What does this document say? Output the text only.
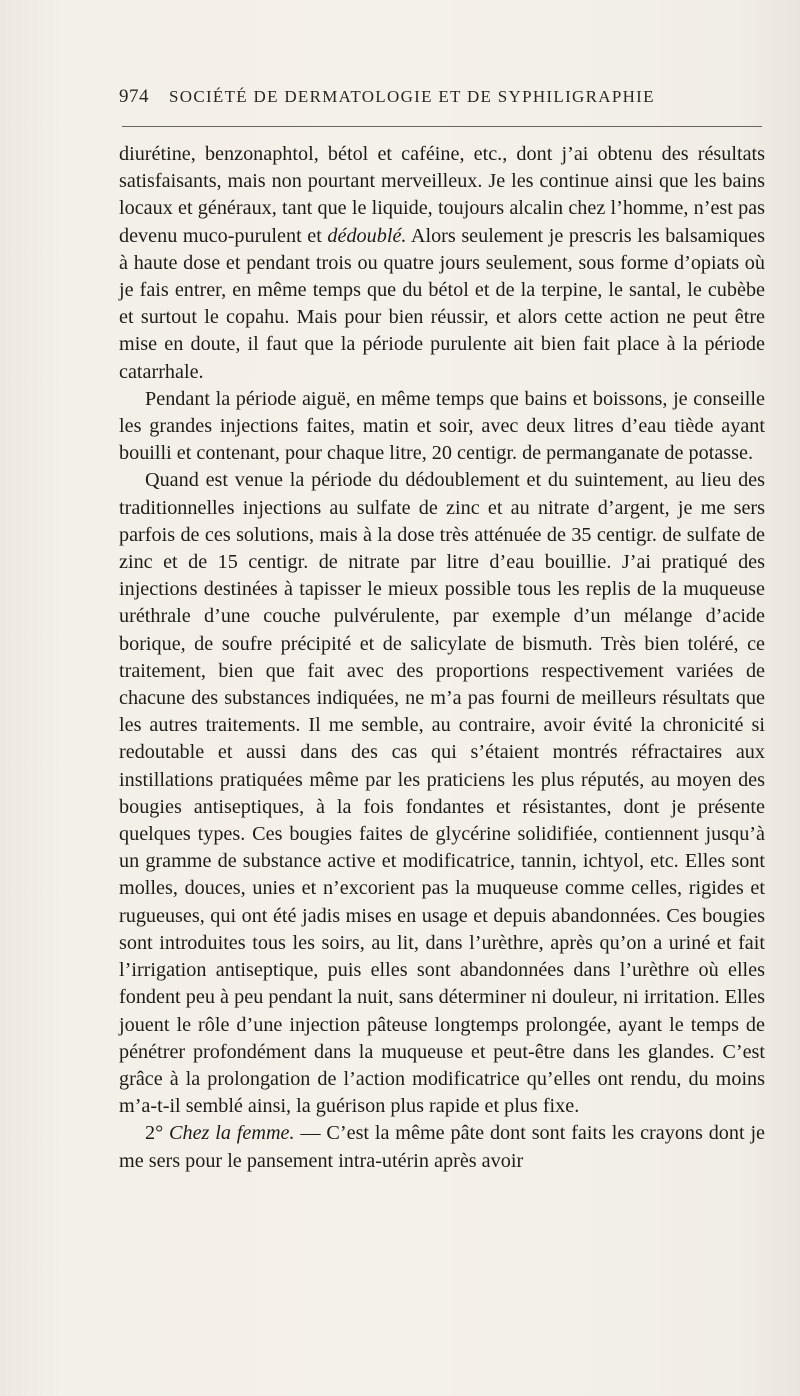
974 SOCIÉTÉ DE DERMATOLOGIE ET DE SYPHILIGRAPHIE

diurétine, benzonaphtol, bétol et caféine, etc., dont j’ai obtenu des résultats satisfaisants, mais non pourtant merveilleux. Je les continue ainsi que les bains locaux et généraux, tant que le liquide, toujours alcalin chez l’homme, n’est pas devenu muco-purulent et dédoublé. Alors seulement je prescris les balsamiques à haute dose et pendant trois ou quatre jours seulement, sous forme d’opiats où je fais entrer, en même temps que du bétol et de la terpine, le santal, le cubèbe et surtout le copahu. Mais pour bien réussir, et alors cette action ne peut être mise en doute, il faut que la période purulente ait bien fait place à la période catarrhale.

Pendant la période aiguë, en même temps que bains et boissons, je conseille les grandes injections faites, matin et soir, avec deux litres d’eau tiède ayant bouilli et contenant, pour chaque litre, 20 centigr. de permanganate de potasse.

Quand est venue la période du dédoublement et du suintement, au lieu des traditionnelles injections au sulfate de zinc et au nitrate d’argent, je me sers parfois de ces solutions, mais à la dose très atténuée de 35 centigr. de sulfate de zinc et de 15 centigr. de nitrate par litre d’eau bouillie. J’ai pratiqué des injections destinées à tapisser le mieux possible tous les replis de la muqueuse uréthrale d’une couche pulvérulente, par exemple d’un mélange d’acide borique, de soufre précipité et de salicylate de bismuth. Très bien toléré, ce traitement, bien que fait avec des proportions respectivement variées de chacune des substances indiquées, ne m’a pas fourni de meilleurs résultats que les autres traitements. Il me semble, au contraire, avoir évité la chronicité si redoutable et aussi dans des cas qui s’étaient montrés réfractaires aux instillations pratiquées même par les praticiens les plus réputés, au moyen des bougies antiseptiques, à la fois fondantes et résistantes, dont je présente quelques types. Ces bougies faites de glycérine solidifiée, contiennent jusqu’à un gramme de substance active et modificatrice, tannin, ichtyol, etc. Elles sont molles, douces, unies et n’excorient pas la muqueuse comme celles, rigides et rugueuses, qui ont été jadis mises en usage et depuis abandonnées. Ces bougies sont introduites tous les soirs, au lit, dans l’urèthre, après qu’on a uriné et fait l’irrigation antiseptique, puis elles sont abandonnées dans l’urèthre où elles fondent peu à peu pendant la nuit, sans déterminer ni douleur, ni irritation. Elles jouent le rôle d’une injection pâteuse longtemps prolongée, ayant le temps de pénétrer profondément dans la muqueuse et peut-être dans les glandes. C’est grâce à la prolongation de l’action modificatrice qu’elles ont rendu, du moins m’a-t-il semblé ainsi, la guérison plus rapide et plus fixe.

2° Chez la femme. — C’est la même pâte dont sont faits les crayons dont je me sers pour le pansement intra-utérin après avoir
